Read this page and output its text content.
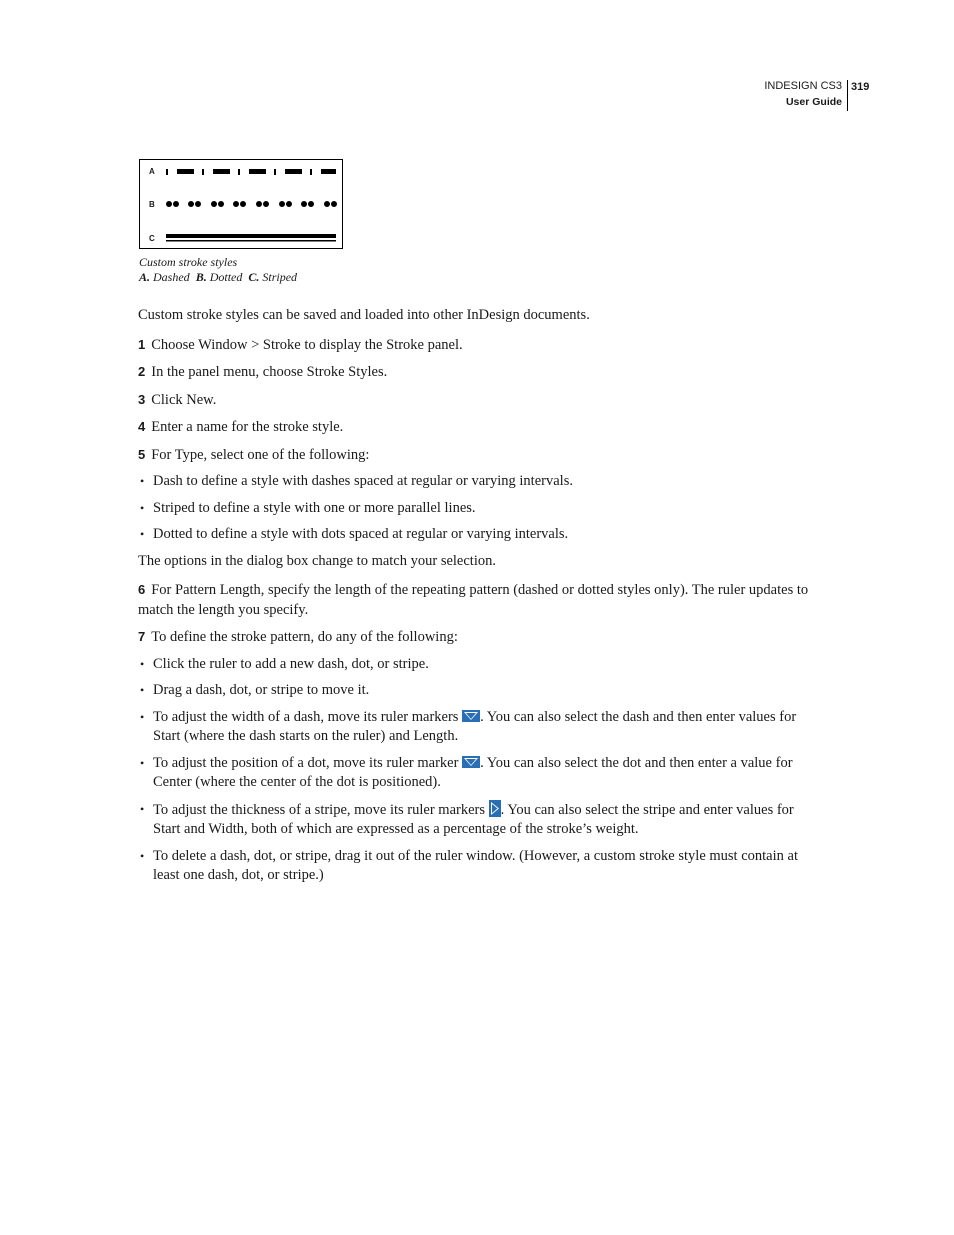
INDESIGN CS3
User Guide
319
A
B
C
Custom stroke styles
A. Dashed B. Dotted C. Striped

Custom stroke styles can be saved and loaded into other InDesign documents.

1 Choose Window > Stroke to display the Stroke panel.

2 In the panel menu, choose Stroke Styles.

3 Click New.

4 Enter a name for the stroke style.

5 For Type, select one of the following:

• Dash to define a style with dashes spaced at regular or varying intervals.

• Striped to define a style with one or more parallel lines.

• Dotted to define a style with dots spaced at regular or varying intervals.

The options in the dialog box change to match your selection.

6 For Pattern Length, specify the length of the repeating pattern (dashed or dotted styles only). The ruler updates to match the length you specify.

7 To define the stroke pattern, do any of the following:

• Click the ruler to add a new dash, dot, or stripe.

• Drag a dash, dot, or stripe to move it.

• To adjust the width of a dash, move its ruler markers . You can also select the dash and then enter values for Start (where the dash starts on the ruler) and Length.

• To adjust the position of a dot, move its ruler marker . You can also select the dot and then enter a value for Center (where the center of the dot is positioned).

• To adjust the thickness of a stripe, move its ruler markers . You can also select the stripe and enter values for Start and Width, both of which are expressed as a percentage of the stroke’s weight.

• To delete a dash, dot, or stripe, drag it out of the ruler window. (However, a custom stroke style must contain at least one dash, dot, or stripe.)
